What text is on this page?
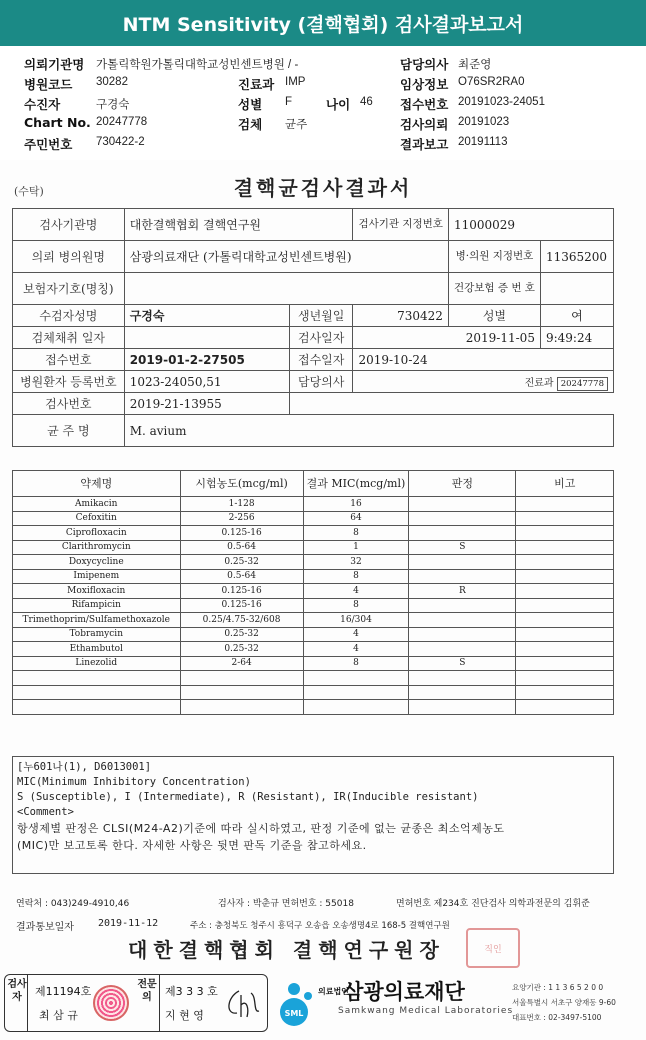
NTM Sensitivity (결핵협회) 검사결과보고서
의뢰기관명 가톨릭학원가톨릭대학교성빈센트병원 / -	담당의사 최준영
병원코드 30282	진료과 IMP	임상정보 O76SR2RA0
수진자	구경숙	성별 F	나이 46 접수번호 20191023-24051
Chart No. 20247778	검체 균주	검사의뢰 20191023
주민번호 730422-2	결과보고 20191113
(수탁)	결핵균검사결과서
검사기관명	대한결핵협회 결핵연구원		검사기관 지정번호	11000029	
의뢰 병의원명	삼광의료재단 (가톨릭대학교성빈센트병원)			병·의원 지정번호	11365200
보험자기호(명칭)				건강보험 증 번 호	
수검자성명	구경숙	생년월일	730422	성별	여
검체채취 일자		검사일자	2019-11-05		9:49:24
접수번호	2019-01-2-27505	접수일자	2019-10-24		
병원환자 등록번호	1023-24050,51	담당의사	진료과 20247778		
검사번호	2019-21-13955				
균 주 명	M. avium				
약제명	시험농도(mcg/ml)	결과 MIC(mcg/ml)	판정	비고
Amikacin	1-128	16		
Cefoxitin	2-256	64		
Ciprofloxacin	0.125-16	8		
Clarithromycin	0.5-64	1	S	
Doxycycline	0.25-32	32		
Imipenem	0.5-64	8		
Moxifloxacin	0.125-16	4	R	
Rifampicin	0.125-16	8		
Trimethoprim/Sulfamethoxazole	0.25/4.75-32/608	16/304		
Tobramycin	0.25-32	4		
Ethambutol	0.25-32	4		
Linezolid	2-64	8	S	

[누601나(1), D6013001]
MIC(Minimum Inhibitory Concentration)
S (Susceptible), I (Intermediate), R (Resistant), IR(Inducible resistant)
<Comment>
항생제별 판정은 CLSI(M24-A2)기준에 따라 실시하였고, 판정 기준에 없는 균종은 최소억제농도
(MIC)만 보고토록 한다. 자세한 사항은 뒷면 판독 기준을 참고하세요.
연락처 : 043)249-4910,46	검사자 : 박춘규 면허번호 : 55018	면허번호 제234호 진단검사 의학과전문의 김휘준
결과통보일자 2019-11-12	주소 : 충청북도 청주시 흥덕구 오송읍 오송생명4로 168-5 결핵연구원
대한결핵협회 결핵연구원장	직인
검사자	제11194호
최 삼 규
전문의	제3 3 3 호
지 현 영	SML
의료법인 삼광의료재단
Samkwang Medical Laboratories
요양기관 : 1 1 3 6 5 2 0 0
서울특별시 서초구 양재동 9-60
대표번호 : 02-3497-5100
